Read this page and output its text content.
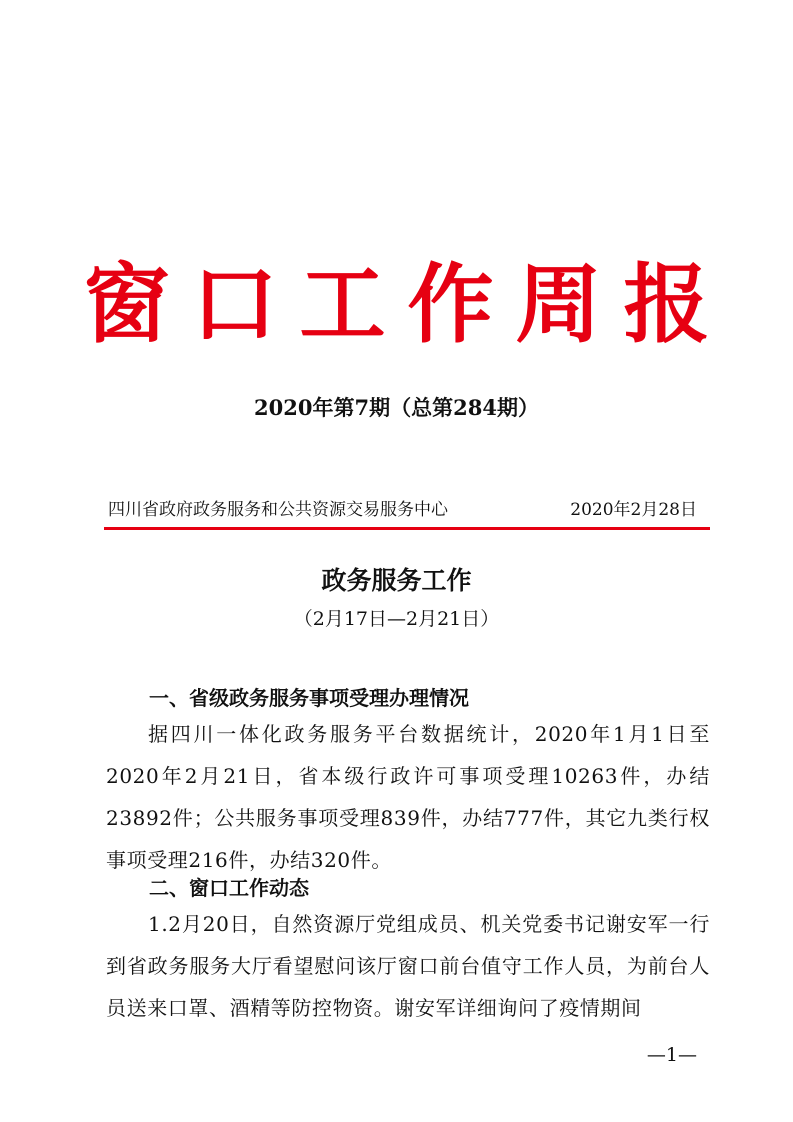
窗口工作周报
2020年第7期（总第284期）
四川省政府政务服务和公共资源交易服务中心	2020年2月28日
政务服务工作
（2月17日—2月21日）
一、省级政务服务事项受理办理情况
据四川一体化政务服务平台数据统计，2020年1月1日至2020年2月21日，省本级行政许可事项受理10263件，办结23892件；公共服务事项受理839件，办结777件，其它九类行权事项受理216件，办结320件。
二、窗口工作动态
1.2月20日，自然资源厅党组成员、机关党委书记谢安军一行到省政务服务大厅看望慰问该厅窗口前台值守工作人员，为前台人员送来口罩、酒精等防控物资。谢安军详细询问了疫情期间
—1—
